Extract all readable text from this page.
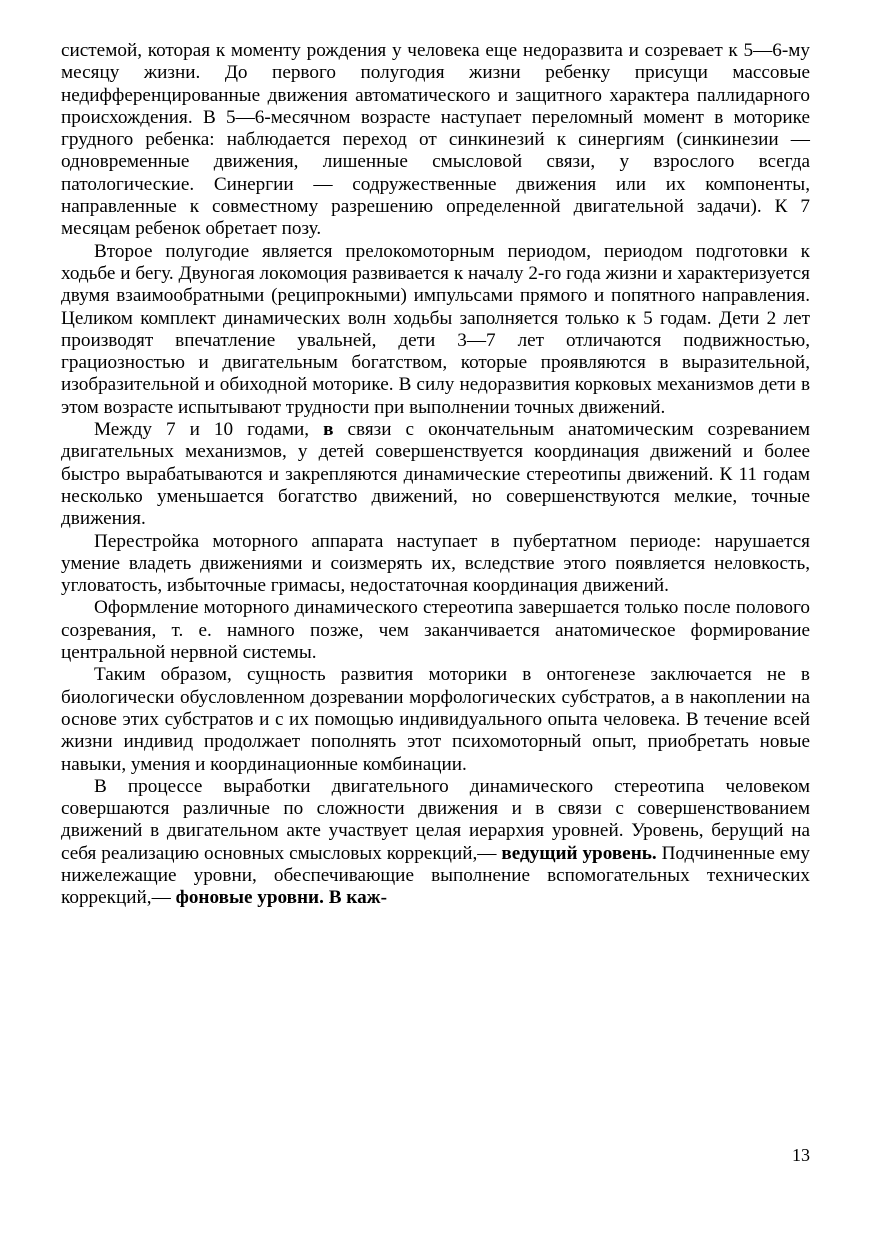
системой, которая к моменту рождения у человека еще недоразвита и созревает к 5—6-му месяцу жизни. До первого полугодия жизни ребенку присущи массовые недифференцированные движения автоматического и защитного характера паллидарного происхождения. В 5—6-месячном возрасте наступает переломный момент в моторике грудного ребенка: наблюдается переход от синкинезий к синергиям (синкинезии — одновременные движения, лишенные смысловой связи, у взрослого всегда патологические. Синергии — содружественные движения или их компоненты, направленные к совместному разрешению определенной двигательной задачи). К 7 месяцам ребенок обретает позу.

Второе полугодие является прелокомоторным периодом, периодом подготовки к ходьбе и бегу. Двуногая локомоция развивается к началу 2-го года жизни и характеризуется двумя взаимообратными (реципрокными) импульсами прямого и попятного направления. Целиком комплект динамических волн ходьбы заполняется только к 5 годам. Дети 2 лет производят впечатление увальней, дети 3—7 лет отличаются подвижностью, грациозностью и двигательным богатством, которые проявляются в выразительной, изобразительной и обиходной моторике. В силу недоразвития корковых механизмов дети в этом возрасте испытывают трудности при выполнении точных движений.

Между 7 и 10 годами, в связи с окончательным анатомическим созреванием двигательных механизмов, у детей совершенствуется координация движений и более быстро вырабатываются и закрепляются динамические стереотипы движений. К 11 годам несколько уменьшается богатство движений, но совершенствуются мелкие, точные движения.

Перестройка моторного аппарата наступает в пубертатном периоде: нарушается умение владеть движениями и соизмерять их, вследствие этого появляется неловкость, угловатость, избыточные гримасы, недостаточная координация движений.

Оформление моторного динамического стереотипа завершается только после полового созревания, т. е. намного позже, чем заканчивается анатомическое формирование центральной нервной системы.

Таким образом, сущность развития моторики в онтогенезе заключается не в биологически обусловленном дозревании морфологических субстратов, а в накоплении на основе этих субстратов и с их помощью индивидуального опыта человека. В течение всей жизни индивид продолжает пополнять этот психомоторный опыт, приобретать новые навыки, умения и координационные комбинации.

В процессе выработки двигательного динамического стереотипа человеком совершаются различные по сложности движения и в связи с совершенствованием движений в двигательном акте участвует целая иерархия уровней. Уровень, берущий на себя реализацию основных смысловых коррекций,— ведущий уровень. Подчиненные ему нижележащие уровни, обеспечивающие выполнение вспомогательных технических коррекций,— фоновые уровни. В каж-

13
